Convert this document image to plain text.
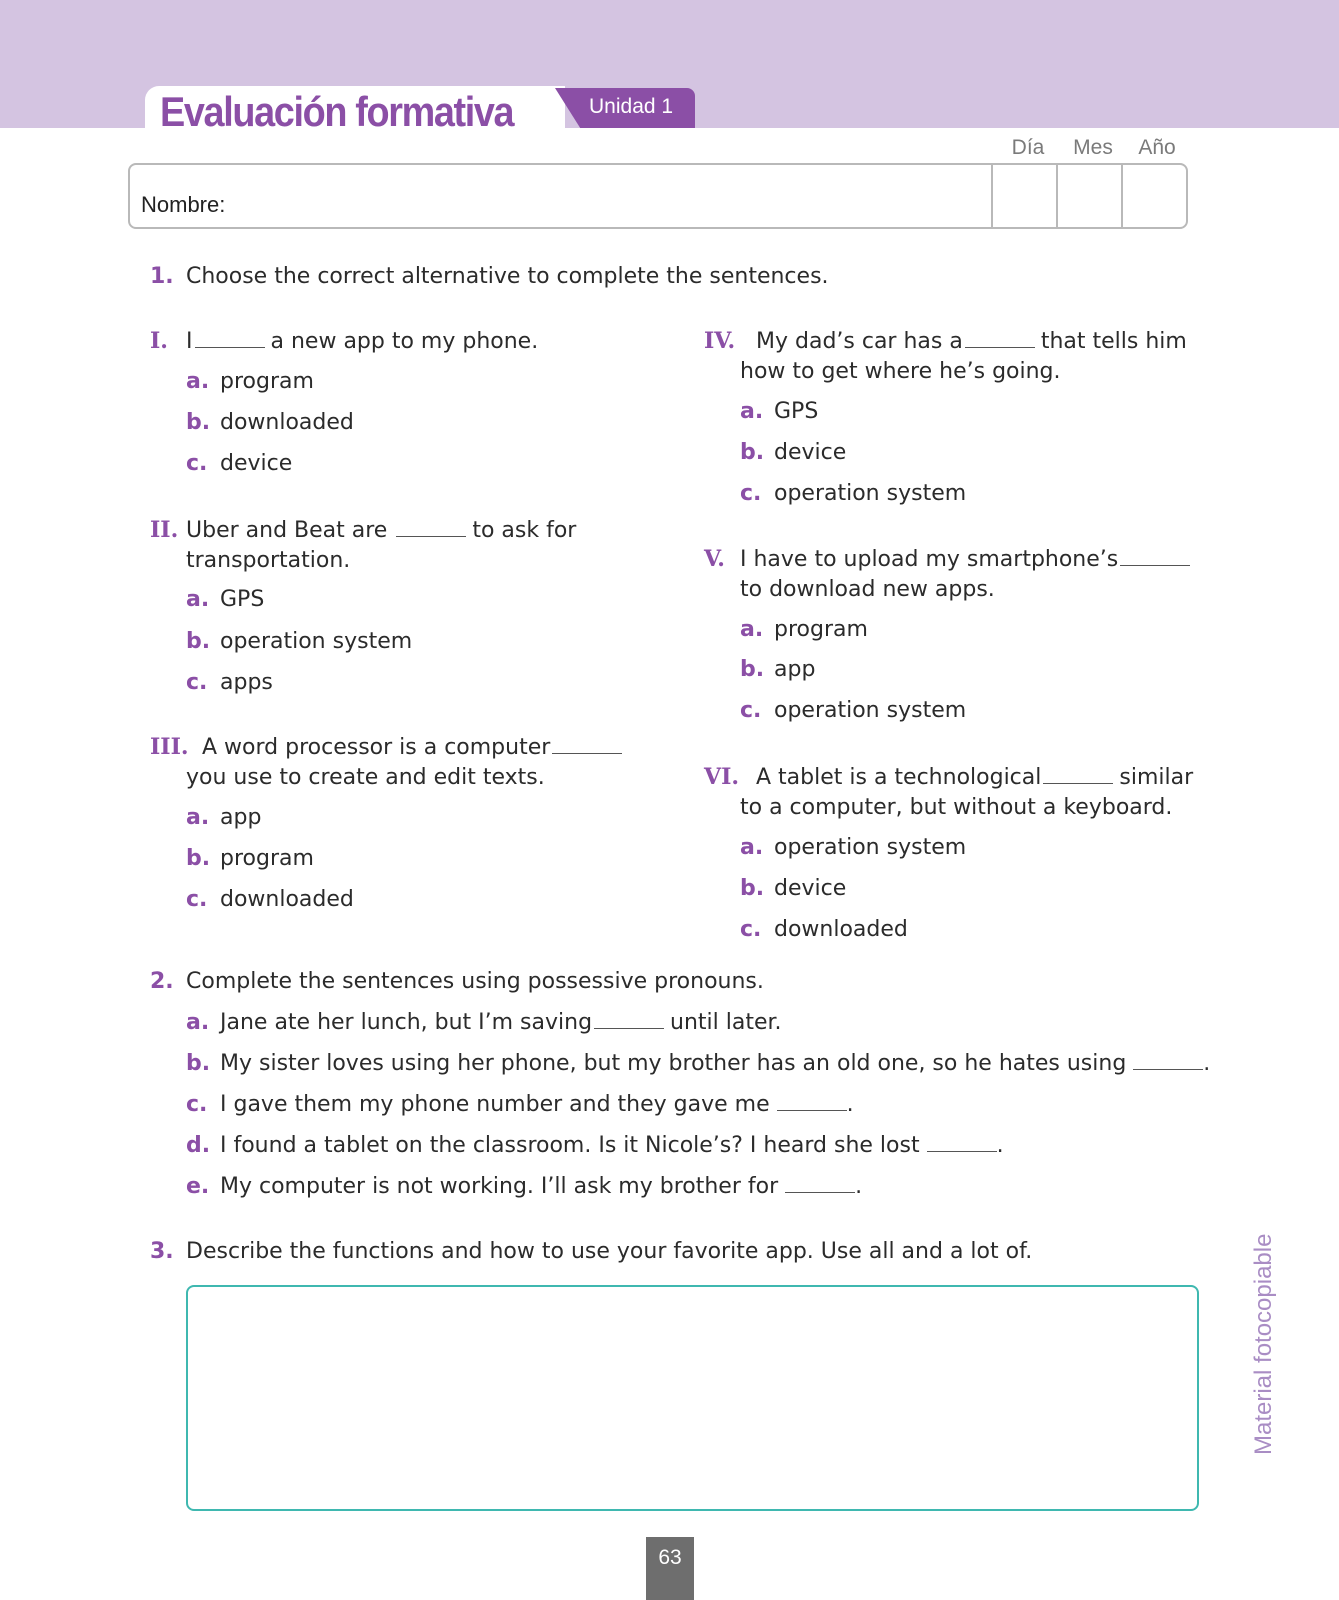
Evaluación formativa	Unidad 1
Día	Mes	Año
Nombre:
1. Choose the correct alternative to complete the sentences.
I. I	a new app to my phone.
a. program
b. downloaded
c. device
II. Uber and Beat are	to ask for
transportation.
a. GPS
b. operation system
c. apps
III. A word processor is a computer
you use to create and edit texts.
a. app
b. program
c. downloaded
IV. My dad’s car has a	that tells him
how to get where he’s going.
a. GPS
b. device
c. operation system
V. I have to upload my smartphone’s
to download new apps.
a. program
b. app
c. operation system
VI. A tablet is a technological	similar
to a computer, but without a keyboard.
a. operation system
b. device
c. downloaded
2. Complete the sentences using possessive pronouns.
a. Jane ate her lunch, but I’m saving	until later.
b. My sister loves using her phone, but my brother has an old one, so he hates using	.
c. I gave them my phone number and they gave me	.
d. I found a tablet on the classroom. Is it Nicole’s? I heard she lost	.
e. My computer is not working. I’ll ask my brother for	.
3. Describe the functions and how to use your favorite app. Use all and a lot of.	Material fotocopiable
63
